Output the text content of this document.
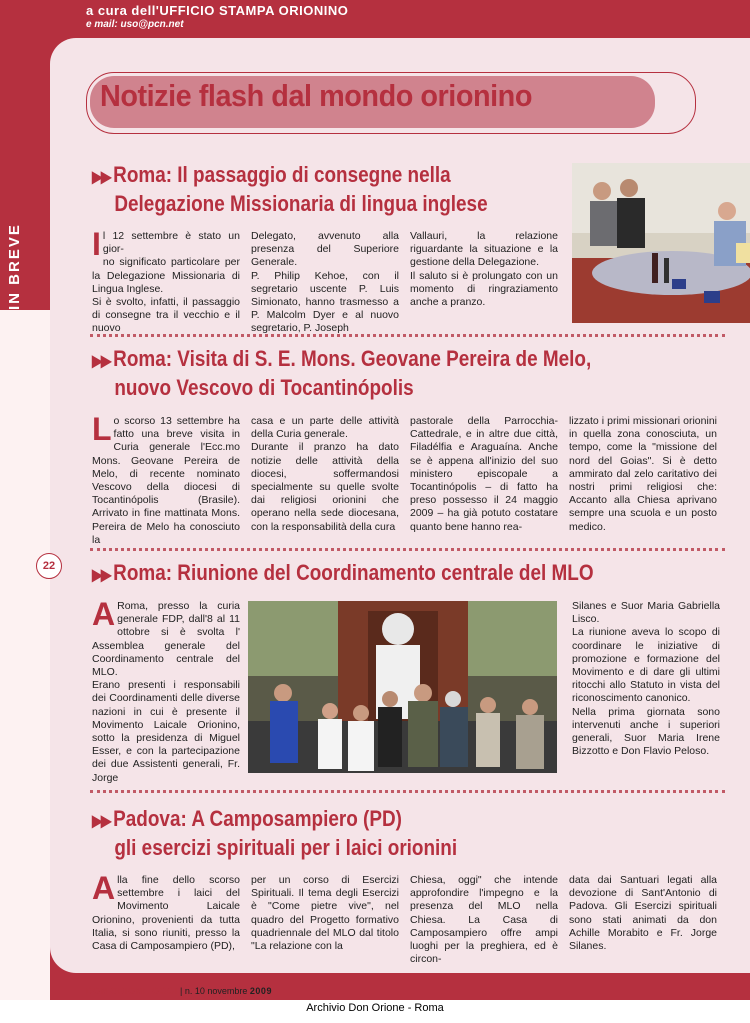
a cura dell'UFFICIO STAMPA ORIONINO
e mail: uso@pcn.net
IN BREVE
Notizie flash dal mondo orionino
▶▶ Roma: Il passaggio di consegne nella
Delegazione Missionaria di lingua inglese
Il 12 settembre è stato un gior-
no significato particolare per la Delegazione Missionaria di Lingua Inglese.
Si è svolto, infatti, il passaggio di consegne tra il vecchio e il nuovo
Delegato, avvenuto alla presenza del Superiore Generale.
P. Philip Kehoe, con il segretario uscente P. Luis Simionato, hanno trasmesso a P. Malcolm Dyer e al nuovo segretario, P. Joseph
Vallauri, la relazione riguardante la situazione e la gestione della Delegazione.
Il saluto si è prolungato con un momento di ringraziamento anche a pranzo.
▶▶ Roma: Visita di S. E. Mons. Geovane Pereira de Melo,
nuovo Vescovo di Tocantinópolis
Lo scorso 13 settembre ha fatto una breve visita in Curia generale l'Ecc.mo Mons. Geovane Pereira de Melo, di recente nominato Vescovo della diocesi di Tocantinópolis (Brasile). Arrivato in fine mattinata Mons. Pereira de Melo ha conosciuto la
casa e un parte delle attività della Curia generale.
Durante il pranzo ha dato notizie delle attività della diocesi, soffermandosi specialmente su quelle svolte dai religiosi orionini che operano nella sede diocesana, con la responsabilità della cura
pastorale della Parrocchia-Cattedrale, e in altre due città, Filadélfia e Araguaína. Anche se è appena all'inizio del suo ministero episcopale a Tocantinópolis – di fatto ha preso possesso il 24 maggio 2009 – ha già potuto costatare quanto bene hanno rea-
lizzato i primi missionari orionini in quella zona conosciuta, un tempo, come la "missione del nord del Goias". Si è detto ammirato dal zelo caritativo dei nostri primi religiosi che: Accanto alla Chiesa aprivano sempre una scuola e un posto medico.
▶▶ Roma: Riunione del Coordinamento centrale del MLO
A Roma, presso la curia generale FDP, dall'8 al 11 ottobre si è svolta l' Assemblea generale del Coordinamento centrale del MLO.
Erano presenti i responsabili dei Coordinamenti delle diverse nazioni in cui è presente il Movimento Laicale Orionino, sotto la presidenza di Miguel Esser, e con la partecipazione dei due Assistenti generali, Fr. Jorge
Silanes e Suor Maria Gabriella Lisco.
La riunione aveva lo scopo di coordinare le iniziative di promozione e formazione del Movimento e di dare gli ultimi ritocchi allo Statuto in vista del riconoscimento canonico.
Nella prima giornata sono intervenuti anche i superiori generali, Suor Maria Irene Bizzotto e Don Flavio Peloso.
▶▶ Padova: A Camposampiero (PD)
gli esercizi spirituali per i laici orionini
Alla fine dello scorso settembre i laici del Movimento Laicale Orionino, provenienti da tutta Italia, si sono riuniti, presso la Casa di Camposampiero (PD),
per un corso di Esercizi Spirituali. Il tema degli Esercizi è "Come pietre vive", nel quadro del Progetto formativo quadriennale del MLO dal titolo "La relazione con la
Chiesa, oggi" che intende approfondire l'impegno e la presenza del MLO nella Chiesa. La Casa di Camposampiero offre ampi luoghi per la preghiera, ed è circon-
data dai Santuari legati alla devozione di Sant'Antonio di Padova. Gli Esercizi spirituali sono stati animati da don Achille Morabito e Fr. Jorge Silanes.
22
DON ORIONE OGGI | n. 10 novembre 2009
Archivio Don Orione - Roma
